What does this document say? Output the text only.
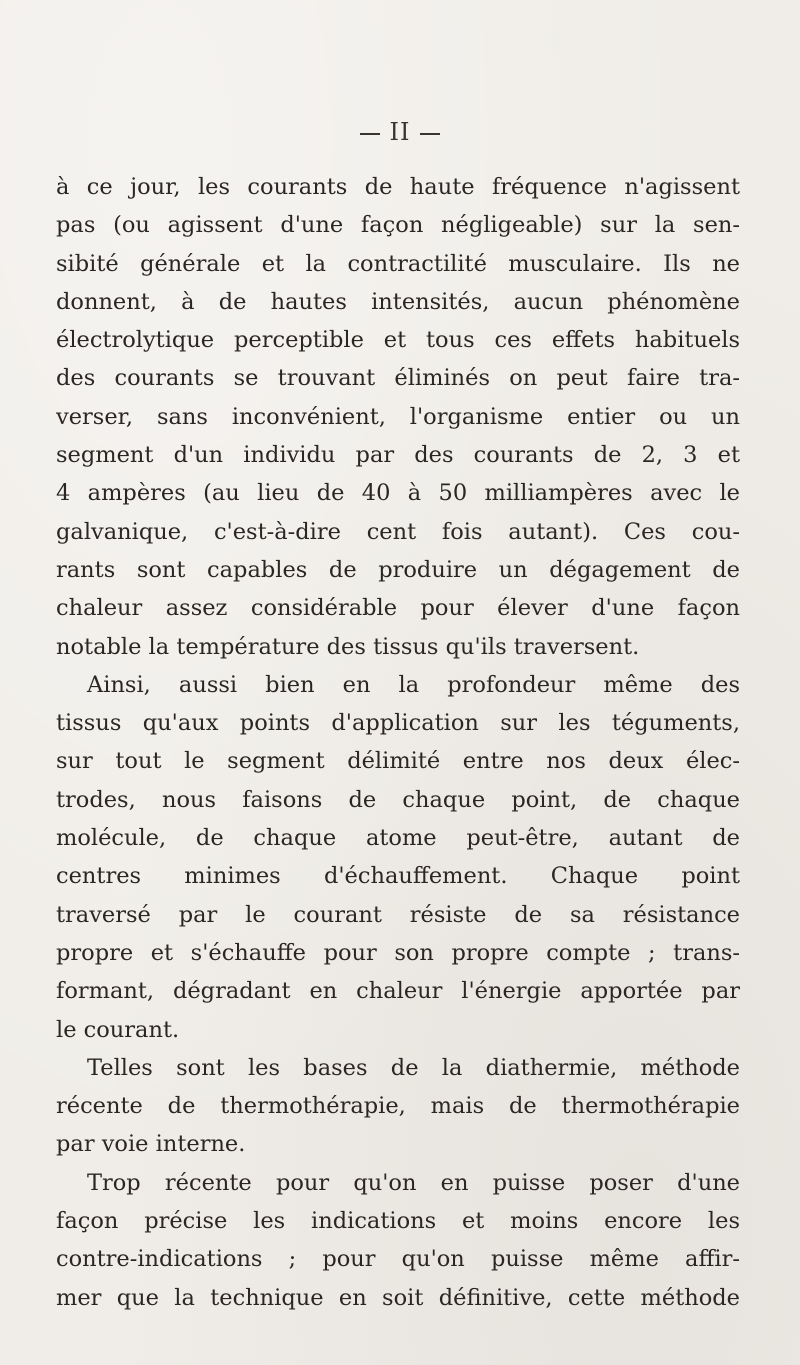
II
à ce jour, les courants de haute fréquence n'agissent
pas (ou agissent d'une façon négligeable) sur la sen-
sibité générale et la contractilité musculaire. Ils ne
donnent, à de hautes intensités, aucun phénomène
électrolytique perceptible et tous ces effets habituels
des courants se trouvant éliminés on peut faire tra-
verser, sans inconvénient, l'organisme entier ou un
segment d'un individu par des courants de 2, 3 et
4 ampères (au lieu de 40 à 50 milliampères avec le
galvanique, c'est-à-dire cent fois autant). Ces cou-
rants sont capables de produire un dégagement de
chaleur assez considérable pour élever d'une façon
notable la température des tissus qu'ils traversent.
Ainsi, aussi bien en la profondeur même des
tissus qu'aux points d'application sur les téguments,
sur tout le segment délimité entre nos deux élec-
trodes, nous faisons de chaque point, de chaque
molécule, de chaque atome peut-être, autant de
centres minimes d'échauffement. Chaque point
traversé par le courant résiste de sa résistance
propre et s'échauffe pour son propre compte ; trans-
formant, dégradant en chaleur l'énergie apportée par
le courant.
Telles sont les bases de la diathermie, méthode
récente de thermothérapie, mais de thermothérapie
par voie interne.
Trop récente pour qu'on en puisse poser d'une
façon précise les indications et moins encore les
contre-indications ; pour qu'on puisse même affir-
mer que la technique en soit définitive, cette méthode
